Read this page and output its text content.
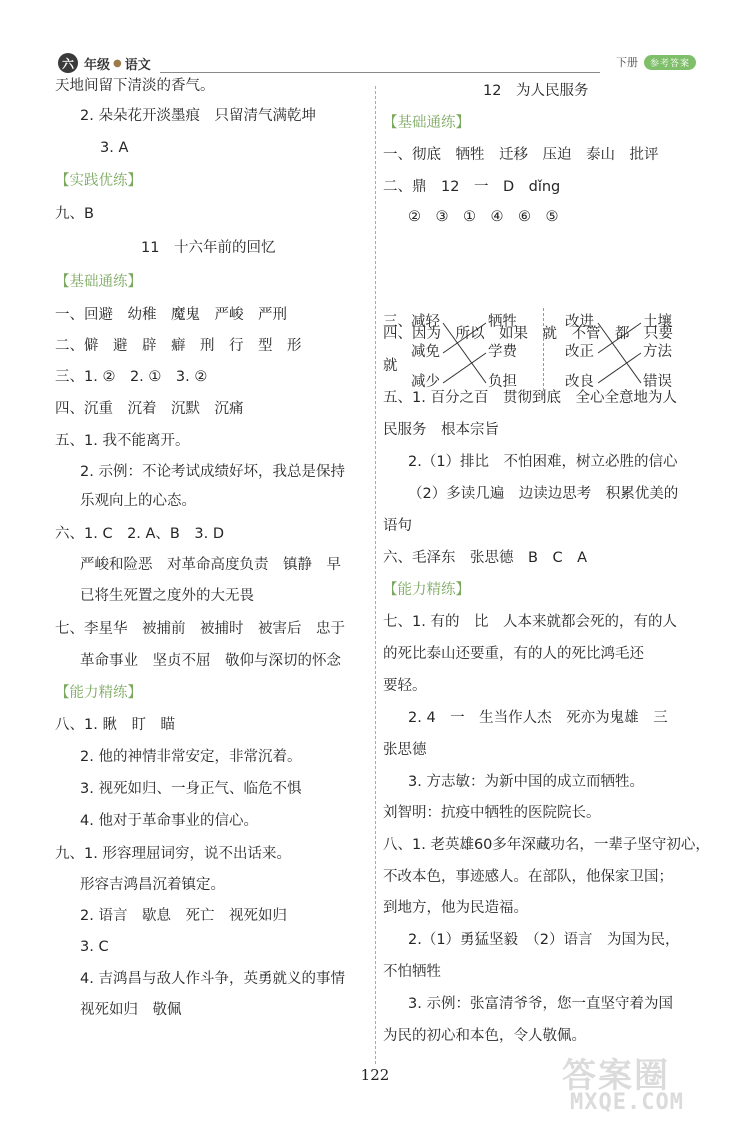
六 年级 ● 语文	下册	参考答案
天地间留下清淡的香气。
2. 朵朵花开淡墨痕　只留清气满乾坤
3. A
【实践优练】
九、B
11　十六年前的回忆
【基础通练】
一、回避　幼稚　魔鬼　严峻　严刑
二、僻　避　辟　癖　刑　行　型　形
三、1. ②　2. ①　3. ②
四、沉重　沉着　沉默　沉痛
五、1. 我不能离开。
2. 示例：不论考试成绩好坏，我总是保持
乐观向上的心态。
六、1. C　2. A、B　3. D
严峻和险恶　对革命高度负责　镇静　早
已将生死置之度外的大无畏
七、李星华　被捕前　被捕时　被害后　忠于
革命事业　坚贞不屈　敬仰与深切的怀念
【能力精练】
八、1. 瞅　盯　瞄
2. 他的神情非常安定，非常沉着。
3. 视死如归、一身正气、临危不惧
4. 他对于革命事业的信心。
九、1. 形容理屈词穷，说不出话来。
形容吉鸿昌沉着镇定。
2. 语言　歇息　死亡　视死如归
3. C
4. 吉鸿昌与敌人作斗争，英勇就义的事情
视死如归　敬佩
三、 减轻
减免
减少
牺牲
学费
负担
改进
改正
改良
土壤
方法
错误
12　为人民服务
【基础通练】
一、彻底　牺牲　迁移　压迫　泰山　批评
二、鼎　12　一　D　dǐng
②　③　①　④　⑥　⑤
四、因为　所以　如果　就　不管　都　只要
就
五、1. 百分之百　贯彻到底　全心全意地为人
民服务　根本宗旨
2.（1）排比　不怕困难，树立必胜的信心
（2）多读几遍　边读边思考　积累优美的
语句
六、毛泽东　张思德　B　C　A
【能力精练】
七、1. 有的　比　人本来就都会死的，有的人
的死比泰山还要重，有的人的死比鸿毛还
要轻。
2. 4　一　生当作人杰　死亦为鬼雄　三
张思德
3. 方志敏：为新中国的成立而牺牲。
刘智明：抗疫中牺牲的医院院长。
八、1. 老英雄60多年深藏功名，一辈子坚守初心，
不改本色，事迹感人。在部队，他保家卫国；
到地方，他为民造福。
2.（1）勇猛坚毅　（2）语言　为国为民，
不怕牺牲
3. 示例：张富清爷爷，您一直坚守着为国
为民的初心和本色，令人敬佩。
122	答案圈
MXQE.COM
